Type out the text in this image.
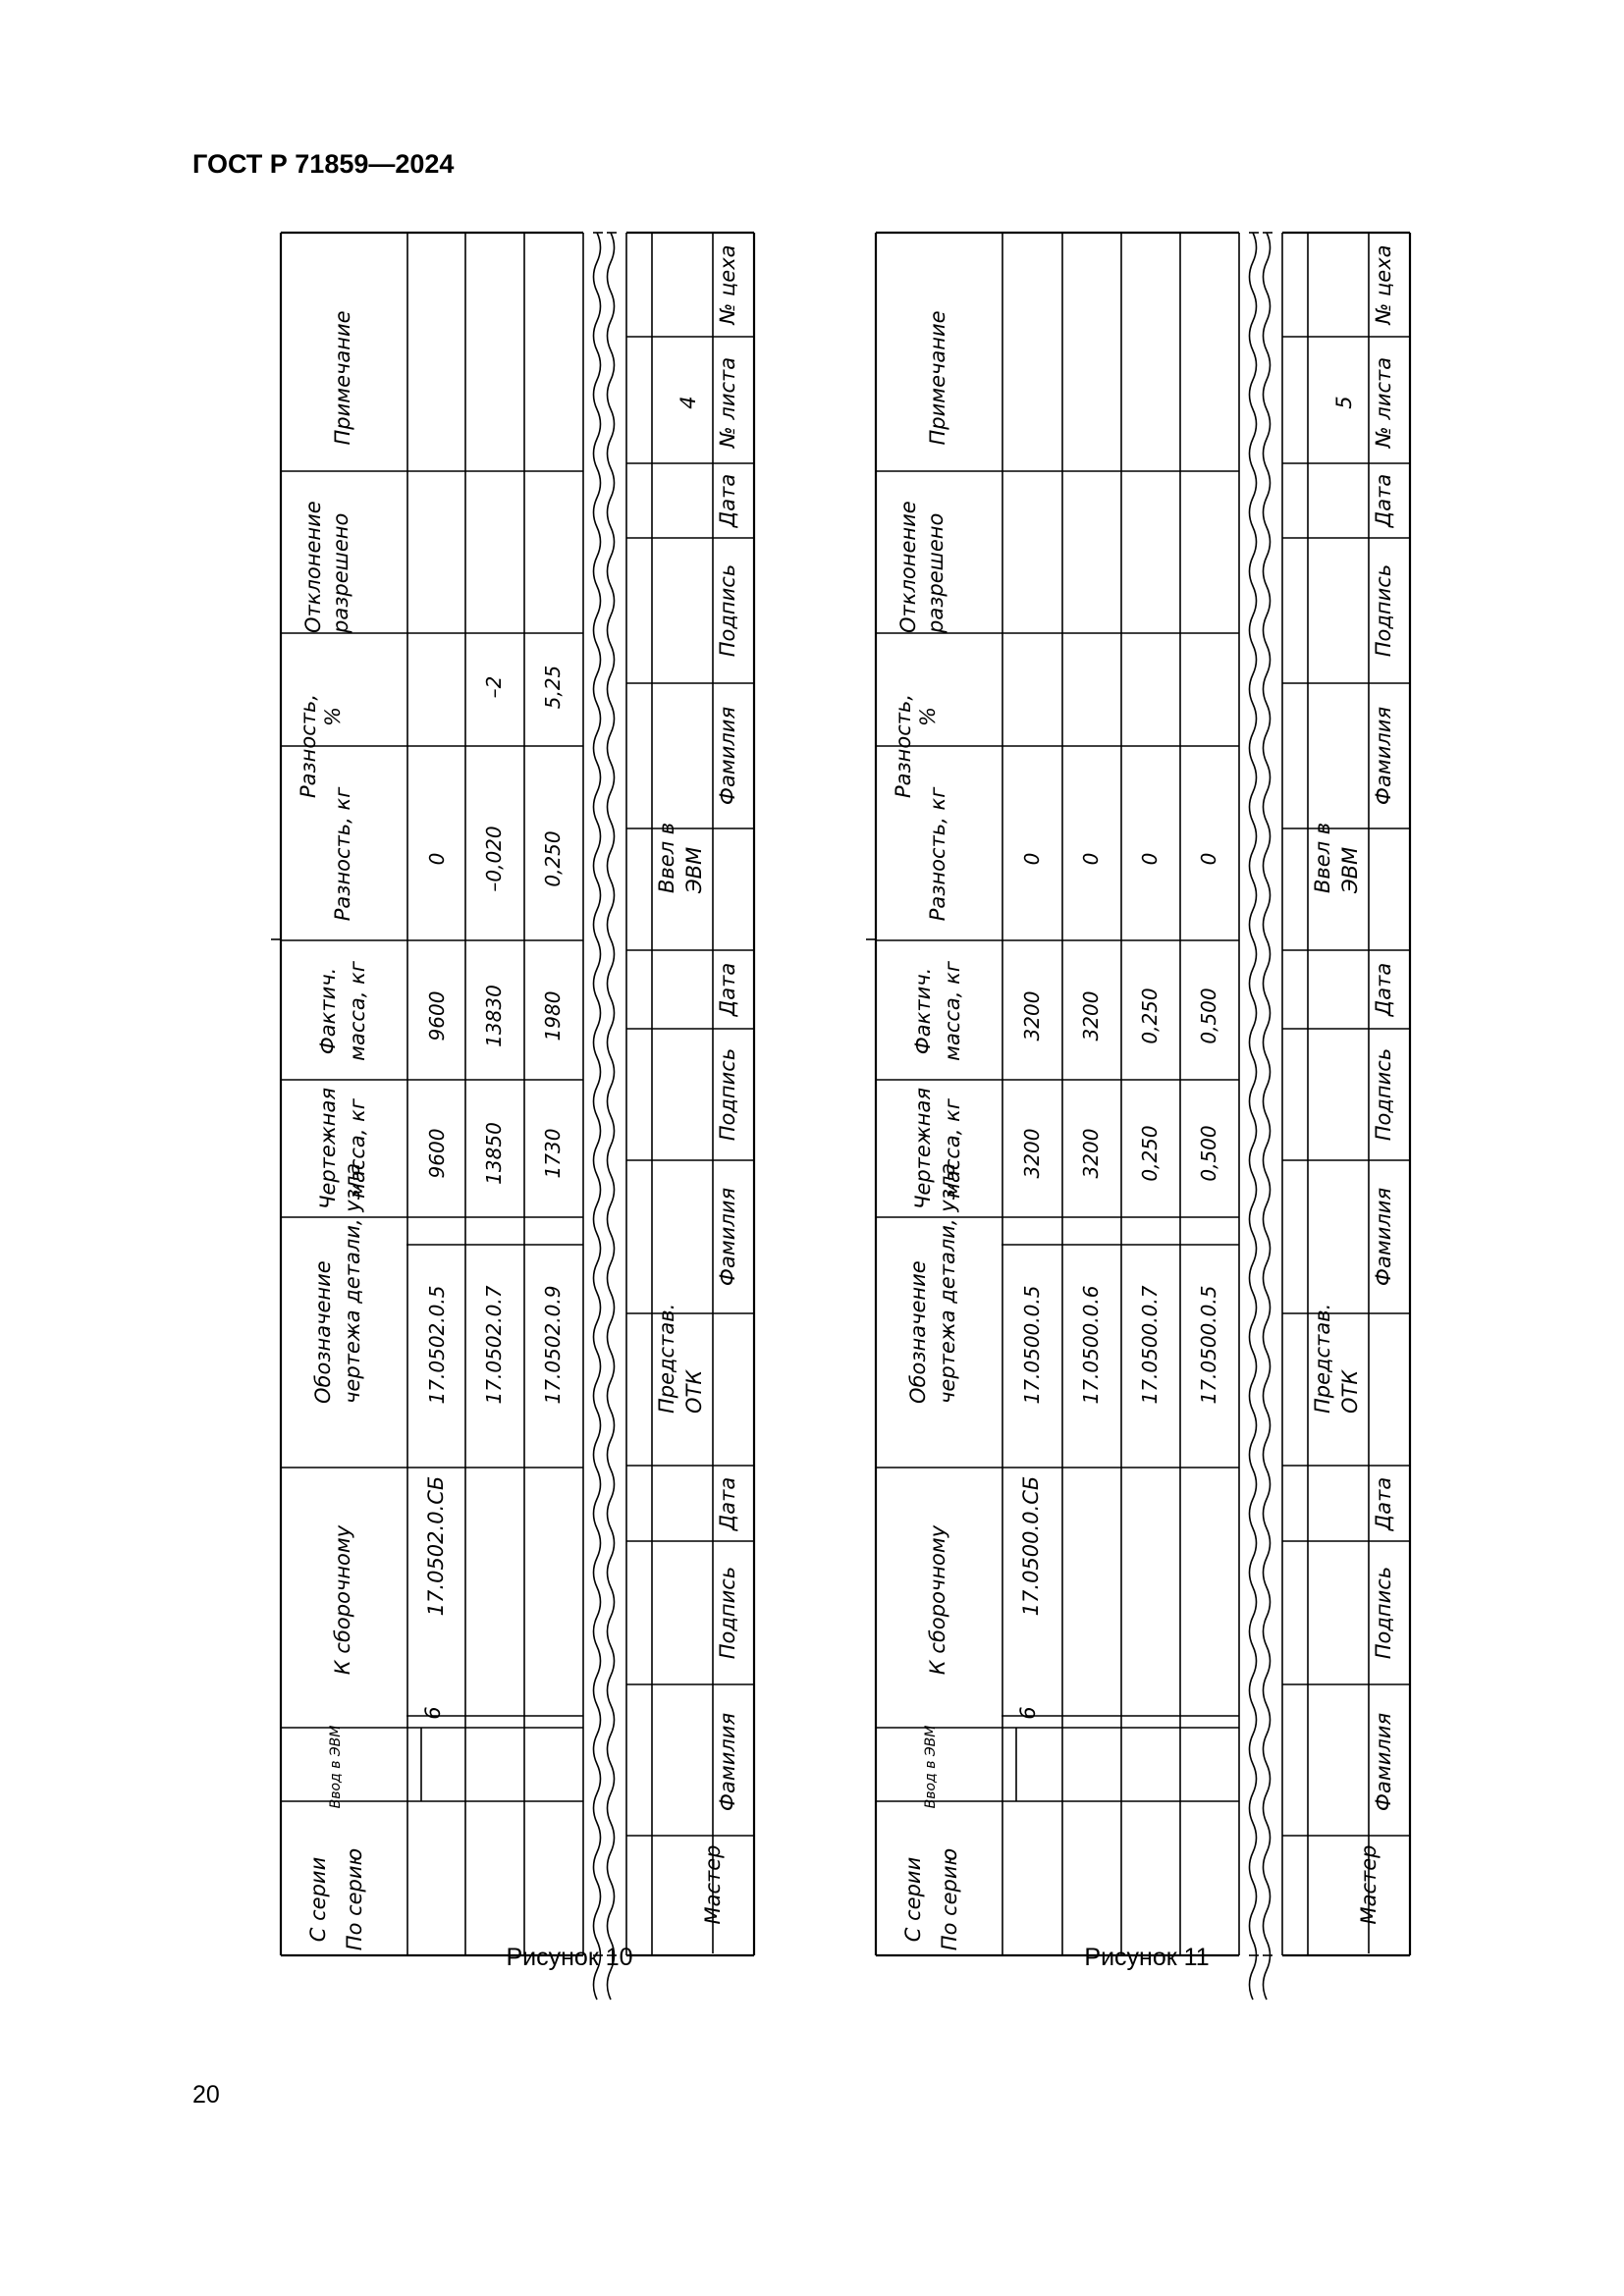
ГОСТ Р 71859—2024
С серии По серию
Ввод в ЭВМ
К сборочному
Обозначение чертежа детали, узла
Чертежная масса, кг
Фактич. масса, кг
Разность, кг
Разность, %
Отклонение разрешено
Примечание
6
17.0502.0.СБ
17.0502.0.5
9600
9600
0
17.0502.0.7
13850
13830
–0,020
–2
17.0502.0.9
1730
1980
0,250
5,25
Мастер
Фамилия
Подпись
Дата
Предстaв. ОТК
Фамилия
Подпись
Дата
Ввел в ЭВМ
Фамилия
Подпись
Дата
4 № листа
№ цеха
С серии По серию
Ввод в ЭВМ
К сборочному
Обозначение чертежа детали, узла
Чертежная масса, кг
Фактич. масса, кг
Разность, кг
Разность, %
Отклонение разрешено
Примечание
6
17.0500.0.СБ
17.0500.0.5
3200
3200
0
17.0500.0.6
3200
3200
0
17.0500.0.7
0,250
0,250
0
17.0500.0.5
0,500
0,500
0
Мастер
Фамилия
Подпись
Дата
Предстaв. ОТК
Фамилия
Подпись
Дата
Ввел в ЭВМ
Фамилия
Подпись
Дата
5 № листа
№ цеха
Рисунок 10	Рисунок 11
20
